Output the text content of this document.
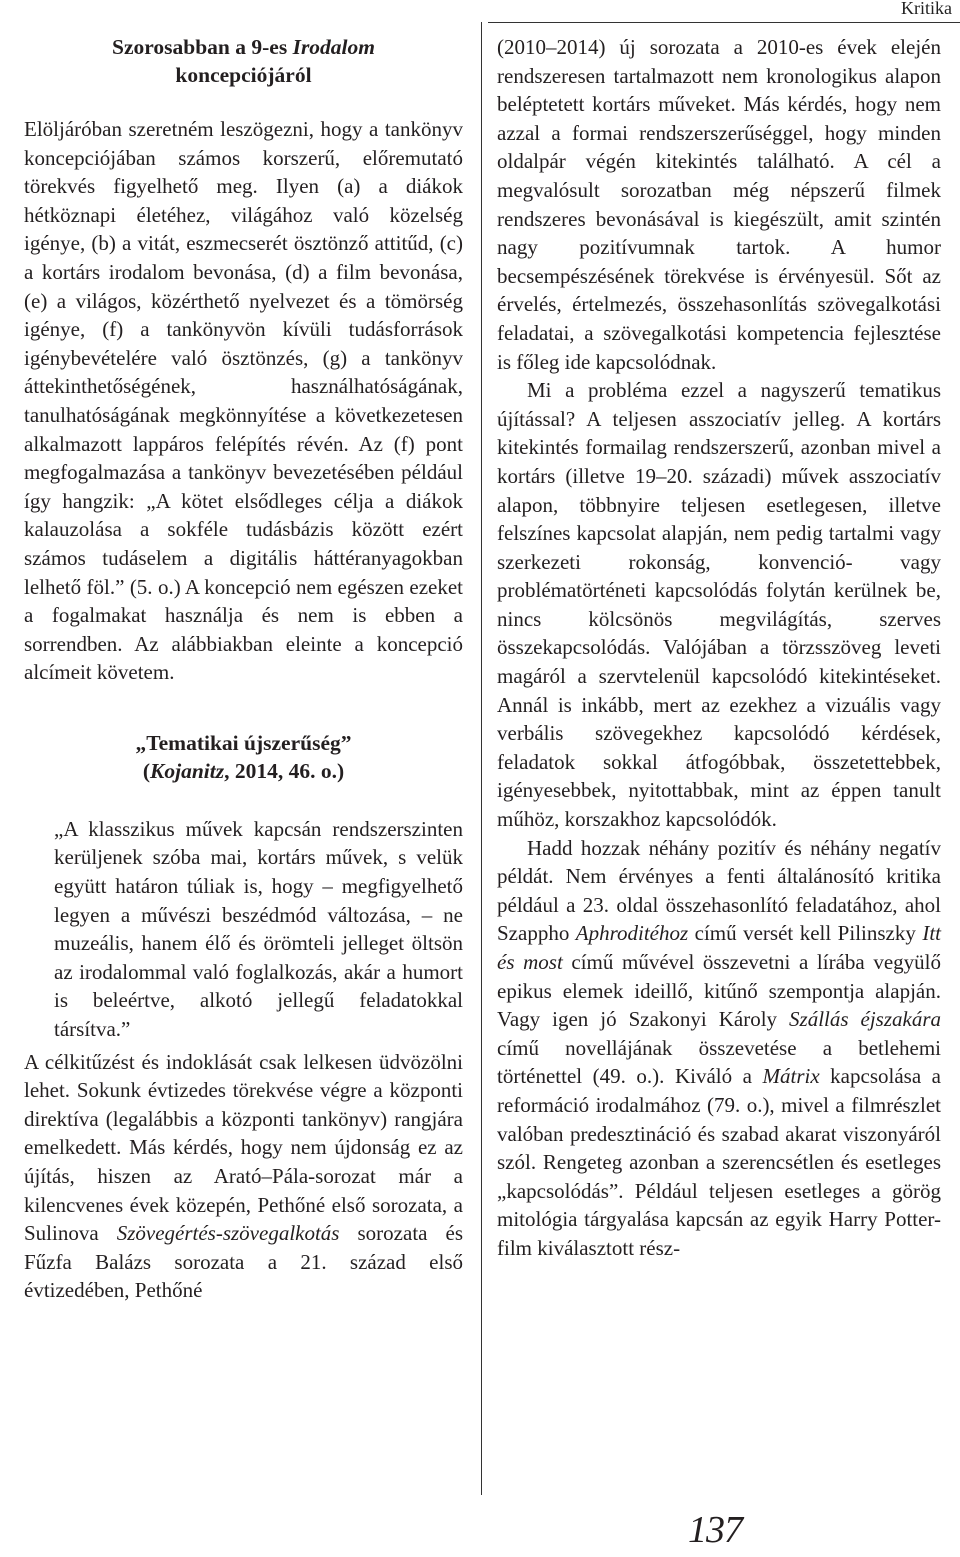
Kritika
Szorosabban a 9-es Irodalom
koncepciójáról

Elöljáróban szeretném leszögezni, hogy a tankönyv koncepciójában számos korszerű, előremutató törekvés figyelhető meg. Ilyen (a) a diákok hétköznapi életéhez, világához való közelség igénye, (b) a vitát, eszmecserét ösztönző attitűd, (c) a kortárs irodalom bevonása, (d) a film bevonása, (e) a világos, közérthető nyelvezet és a tömörség igénye, (f) a tankönyvön kívüli tudásforrások igénybevételére való ösztönzés, (g) a tankönyv áttekinthetőségének, használhatóságának, tanulhatóságának megkönnyítése a következetesen alkalmazott lappáros felépítés révén. Az (f) pont megfogalmazása a tankönyv bevezetésében például így hangzik: „A kötet elsődleges célja a diákok kalauzolása a sokféle tudásbázis között ezért számos tudáselem a digitális háttéranyagokban lelhető föl.” (5. o.) A koncepció nem egészen ezeket a fogalmakat használja és nem is ebben a sorrendben. Az alábbiakban eleinte a koncepció alcímeit követem.

„Tematikai újszerűség”
(Kojanitz, 2014, 46. o.)

„A klasszikus művek kapcsán rendszerszinten kerüljenek szóba mai, kortárs művek, s velük együtt határon túliak is, hogy – megfigyelhető legyen a művészi beszédmód változása, – ne muzeális, hanem élő és örömteli jelleget öltsön az irodalommal való foglalkozás, akár a humort is beleértve, alkotó jellegű feladatokkal társítva.”

A célkitűzést és indoklását csak lelkesen üdvözölni lehet. Sokunk évtizedes törekvése végre a központi direktíva (legalábbis a központi tankönyv) rangjára emelkedett. Más kérdés, hogy nem újdonság ez az újítás, hiszen az Arató–Pála-sorozat már a kilencvenes évek közepén, Pethőné első sorozata, a Sulinova Szövegértés-szövegalkotás sorozata és Fűzfa Balázs sorozata a 21. század első évtizedében, Pethőné

(2010–2014) új sorozata a 2010-es évek elején rendszeresen tartalmazott nem kronologikus alapon beléptetett kortárs műveket. Más kérdés, hogy nem azzal a formai rendszerszerűséggel, hogy minden oldalpár végén kitekintés található. A cél a megvalósult sorozatban még népszerű filmek rendszeres bevonásával is kiegészült, amit szintén nagy pozitívumnak tartok. A humor becsempészésének törekvése is érvényesül. Sőt az érvelés, értelmezés, összehasonlítás szövegalkotási feladatai, a szövegalkotási kompetencia fejlesztése is főleg ide kapcsolódnak.

Mi a probléma ezzel a nagyszerű tematikus újítással? A teljesen asszociatív jelleg. A kortárs kitekintés formailag rendszerszerű, azonban mivel a kortárs (illetve 19–20. századi) művek asszociatív alapon, többnyire teljesen esetlegesen, illetve felszínes kapcsolat alapján, nem pedig tartalmi vagy szerkezeti rokonság, konvenció- vagy problématörténeti kapcsolódás folytán kerülnek be, nincs kölcsönös megvilágítás, szerves összekapcsolódás. Valójában a törzsszöveg leveti magáról a szervtelenül kapcsolódó kitekintéseket. Annál is inkább, mert az ezekhez a vizuális vagy verbális szövegekhez kapcsolódó kérdések, feladatok sokkal átfogóbbak, összetettebbek, igényesebbek, nyitottabbak, mint az éppen tanult műhöz, korszakhoz kapcsolódók.

Hadd hozzak néhány pozitív és néhány negatív példát. Nem érvényes a fenti általánosító kritika például a 23. oldal összehasonlító feladatához, ahol Szappho Aphroditéhoz című versét kell Pilinszky Itt és most című művével összevetni a lírába vegyülő epikus elemek ideillő, kitűnő szempontja alapján. Vagy igen jó Szakonyi Károly Szállás éjszakára című novellájának összevetése a betlehemi történettel (49. o.). Kiváló a Mátrix kapcsolása a reformáció irodalmához (79. o.), mivel a filmrészlet valóban predesztináció és szabad akarat viszonyáról szól. Rengeteg azonban a szerencsétlen és esetleges „kapcsolódás”. Például teljesen esetleges a görög mitológia tárgyalása kapcsán az egyik Harry Potter-film kiválasztott rész-

137
